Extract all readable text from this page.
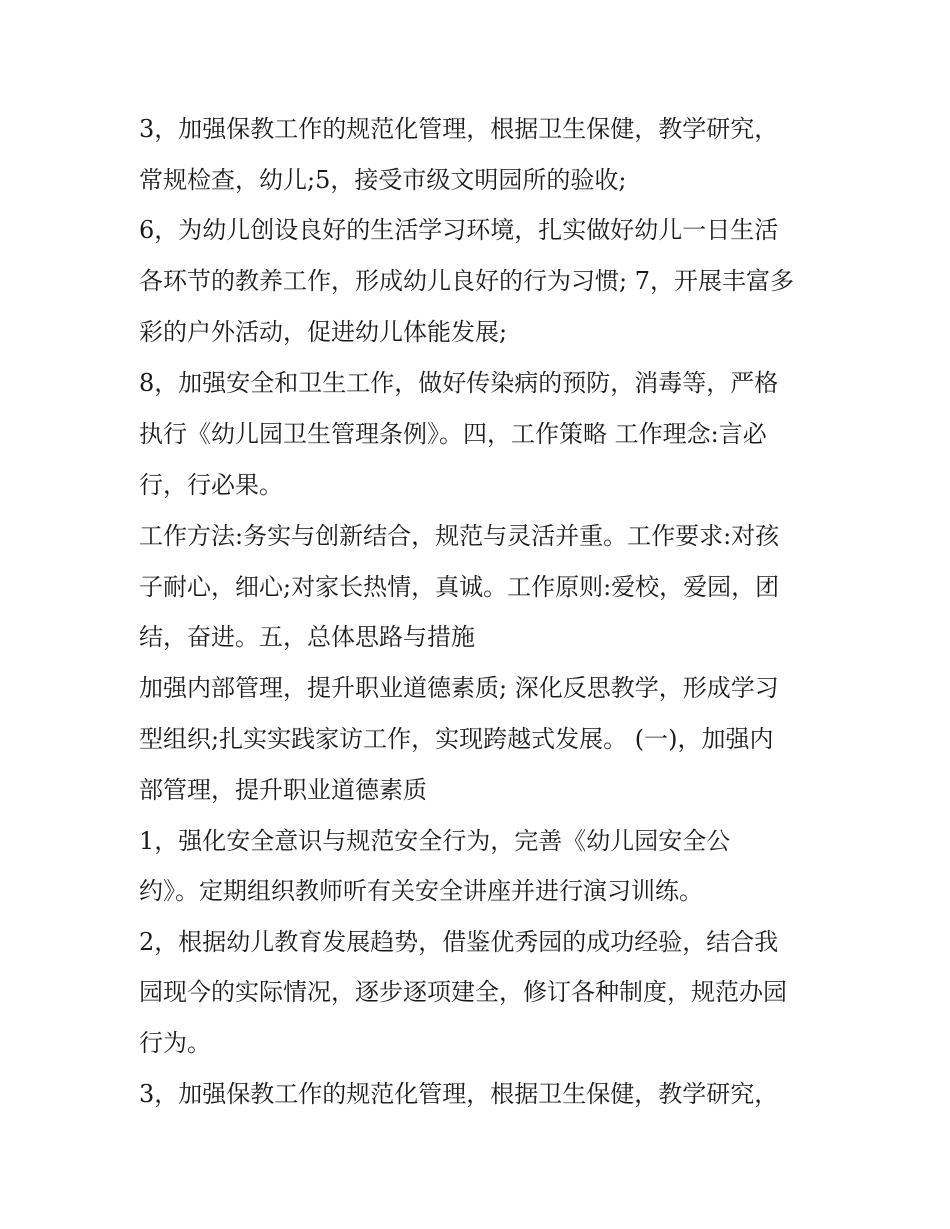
3，加强保教工作的规范化管理，根据卫生保健，教学研究，
常规检查，幼儿;5，接受市级文明园所的验收;
6，为幼儿创设良好的生活学习环境，扎实做好幼儿一日生活
各环节的教养工作，形成幼儿良好的行为习惯; 7，开展丰富多
彩的户外活动，促进幼儿体能发展;
8，加强安全和卫生工作，做好传染病的预防，消毒等，严格
执行《幼儿园卫生管理条例》。四，工作策略 工作理念:言必
行，行必果。
工作方法:务实与创新结合，规范与灵活并重。工作要求:对孩
子耐心，细心;对家长热情，真诚。工作原则:爱校，爱园，团
结，奋进。五，总体思路与措施
加强内部管理，提升职业道德素质; 深化反思教学，形成学习
型组织;扎实实践家访工作，实现跨越式发展。 (一)，加强内
部管理，提升职业道德素质
1，强化安全意识与规范安全行为，完善《幼儿园安全公
约》。定期组织教师听有关安全讲座并进行演习训练。
2，根据幼儿教育发展趋势，借鉴优秀园的成功经验，结合我
园现今的实际情况，逐步逐项建全，修订各种制度，规范办园
行为。
3，加强保教工作的规范化管理，根据卫生保健，教学研究，
